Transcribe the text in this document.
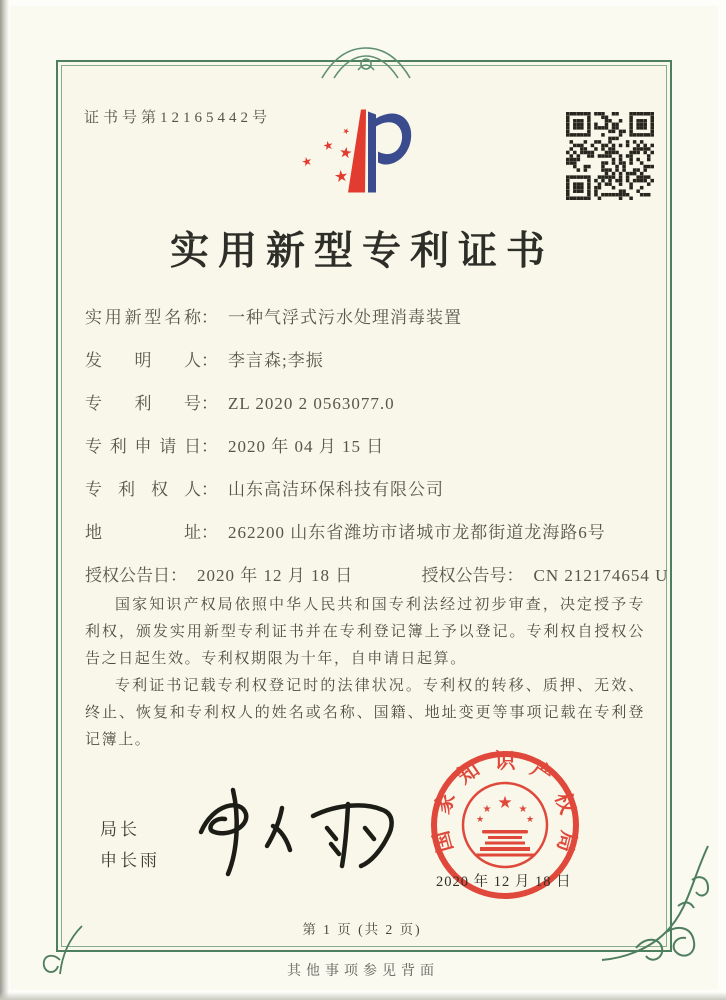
证书号第12165442号
★
★ ★
★
★
实用新型专利证书
实用新型名称： 一种气浮式污水处理消毒装置
发明人： 李言森;李振
专利号： ZL 2020 2 0563077.0
专利申请日： 2020 年 04 月 15 日
专利权人： 山东高洁环保科技有限公司
地址： 262200 山东省潍坊市诸城市龙都街道龙海路6号
授权公告日： 2020 年 12 月 18 日	授权公告号： CN 212174654 U

国家知识产权局依照中华人民共和国专利法经过初步审查，决定授予专利权，颁发实用新型专利证书并在专利登记簿上予以登记。专利权自授权公告之日起生效。专利权期限为十年，自申请日起算。

专利证书记载专利权登记时的法律状况。专利权的转移、质押、无效、终止、恢复和专利权人的姓名或名称、国籍、地址变更等事项记载在专利登记簿上。

局长
申长雨
国
家
知 识 产
权
局
★
★	★
★	★
2020 年 12 月 18 日
第 1 页 (共 2 页)
其他事项参见背面
